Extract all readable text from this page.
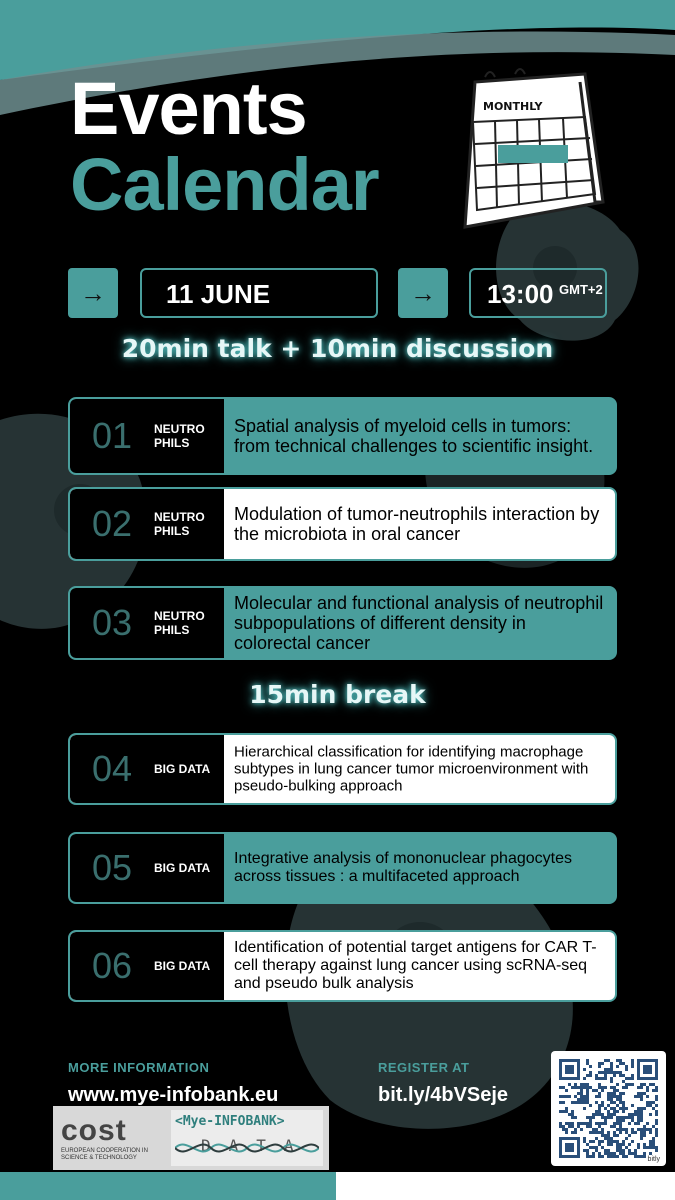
MONTHLY
Events
Calendar
→ 11 JUNE	→ 13:00 GMT+2
20min talk + 10min discussion
01 NEUTRO
PHILS
Spatial analysis of myeloid cells in tumors: from technical challenges to scientific insight.
02 NEUTRO
PHILS
Modulation of tumor-neutrophils interaction by the microbiota in oral cancer
03 NEUTRO
PHILS
Molecular and functional analysis of neutrophil subpopulations of different density in colorectal cancer
04 BIG DATA
Hierarchical classification for identifying macrophage subtypes in lung cancer tumor microenvironment with pseudo-bulking approach
05 BIG DATA
Integrative analysis of mononuclear phagocytes across tissues : a multifaceted approach
06 BIG DATA
Identification of potential target antigens for CAR T-cell therapy against lung cancer using scRNA-seq and pseudo bulk analysis
15min break
MORE INFORMATION
www.mye-infobank.eu
REGISTER AT
bit.ly/4bVSeje
cost
EUROPEAN COOPERATION IN SCIENCE & TECHNOLOGY
<Mye-INFOBANK>
DATA
bitly
